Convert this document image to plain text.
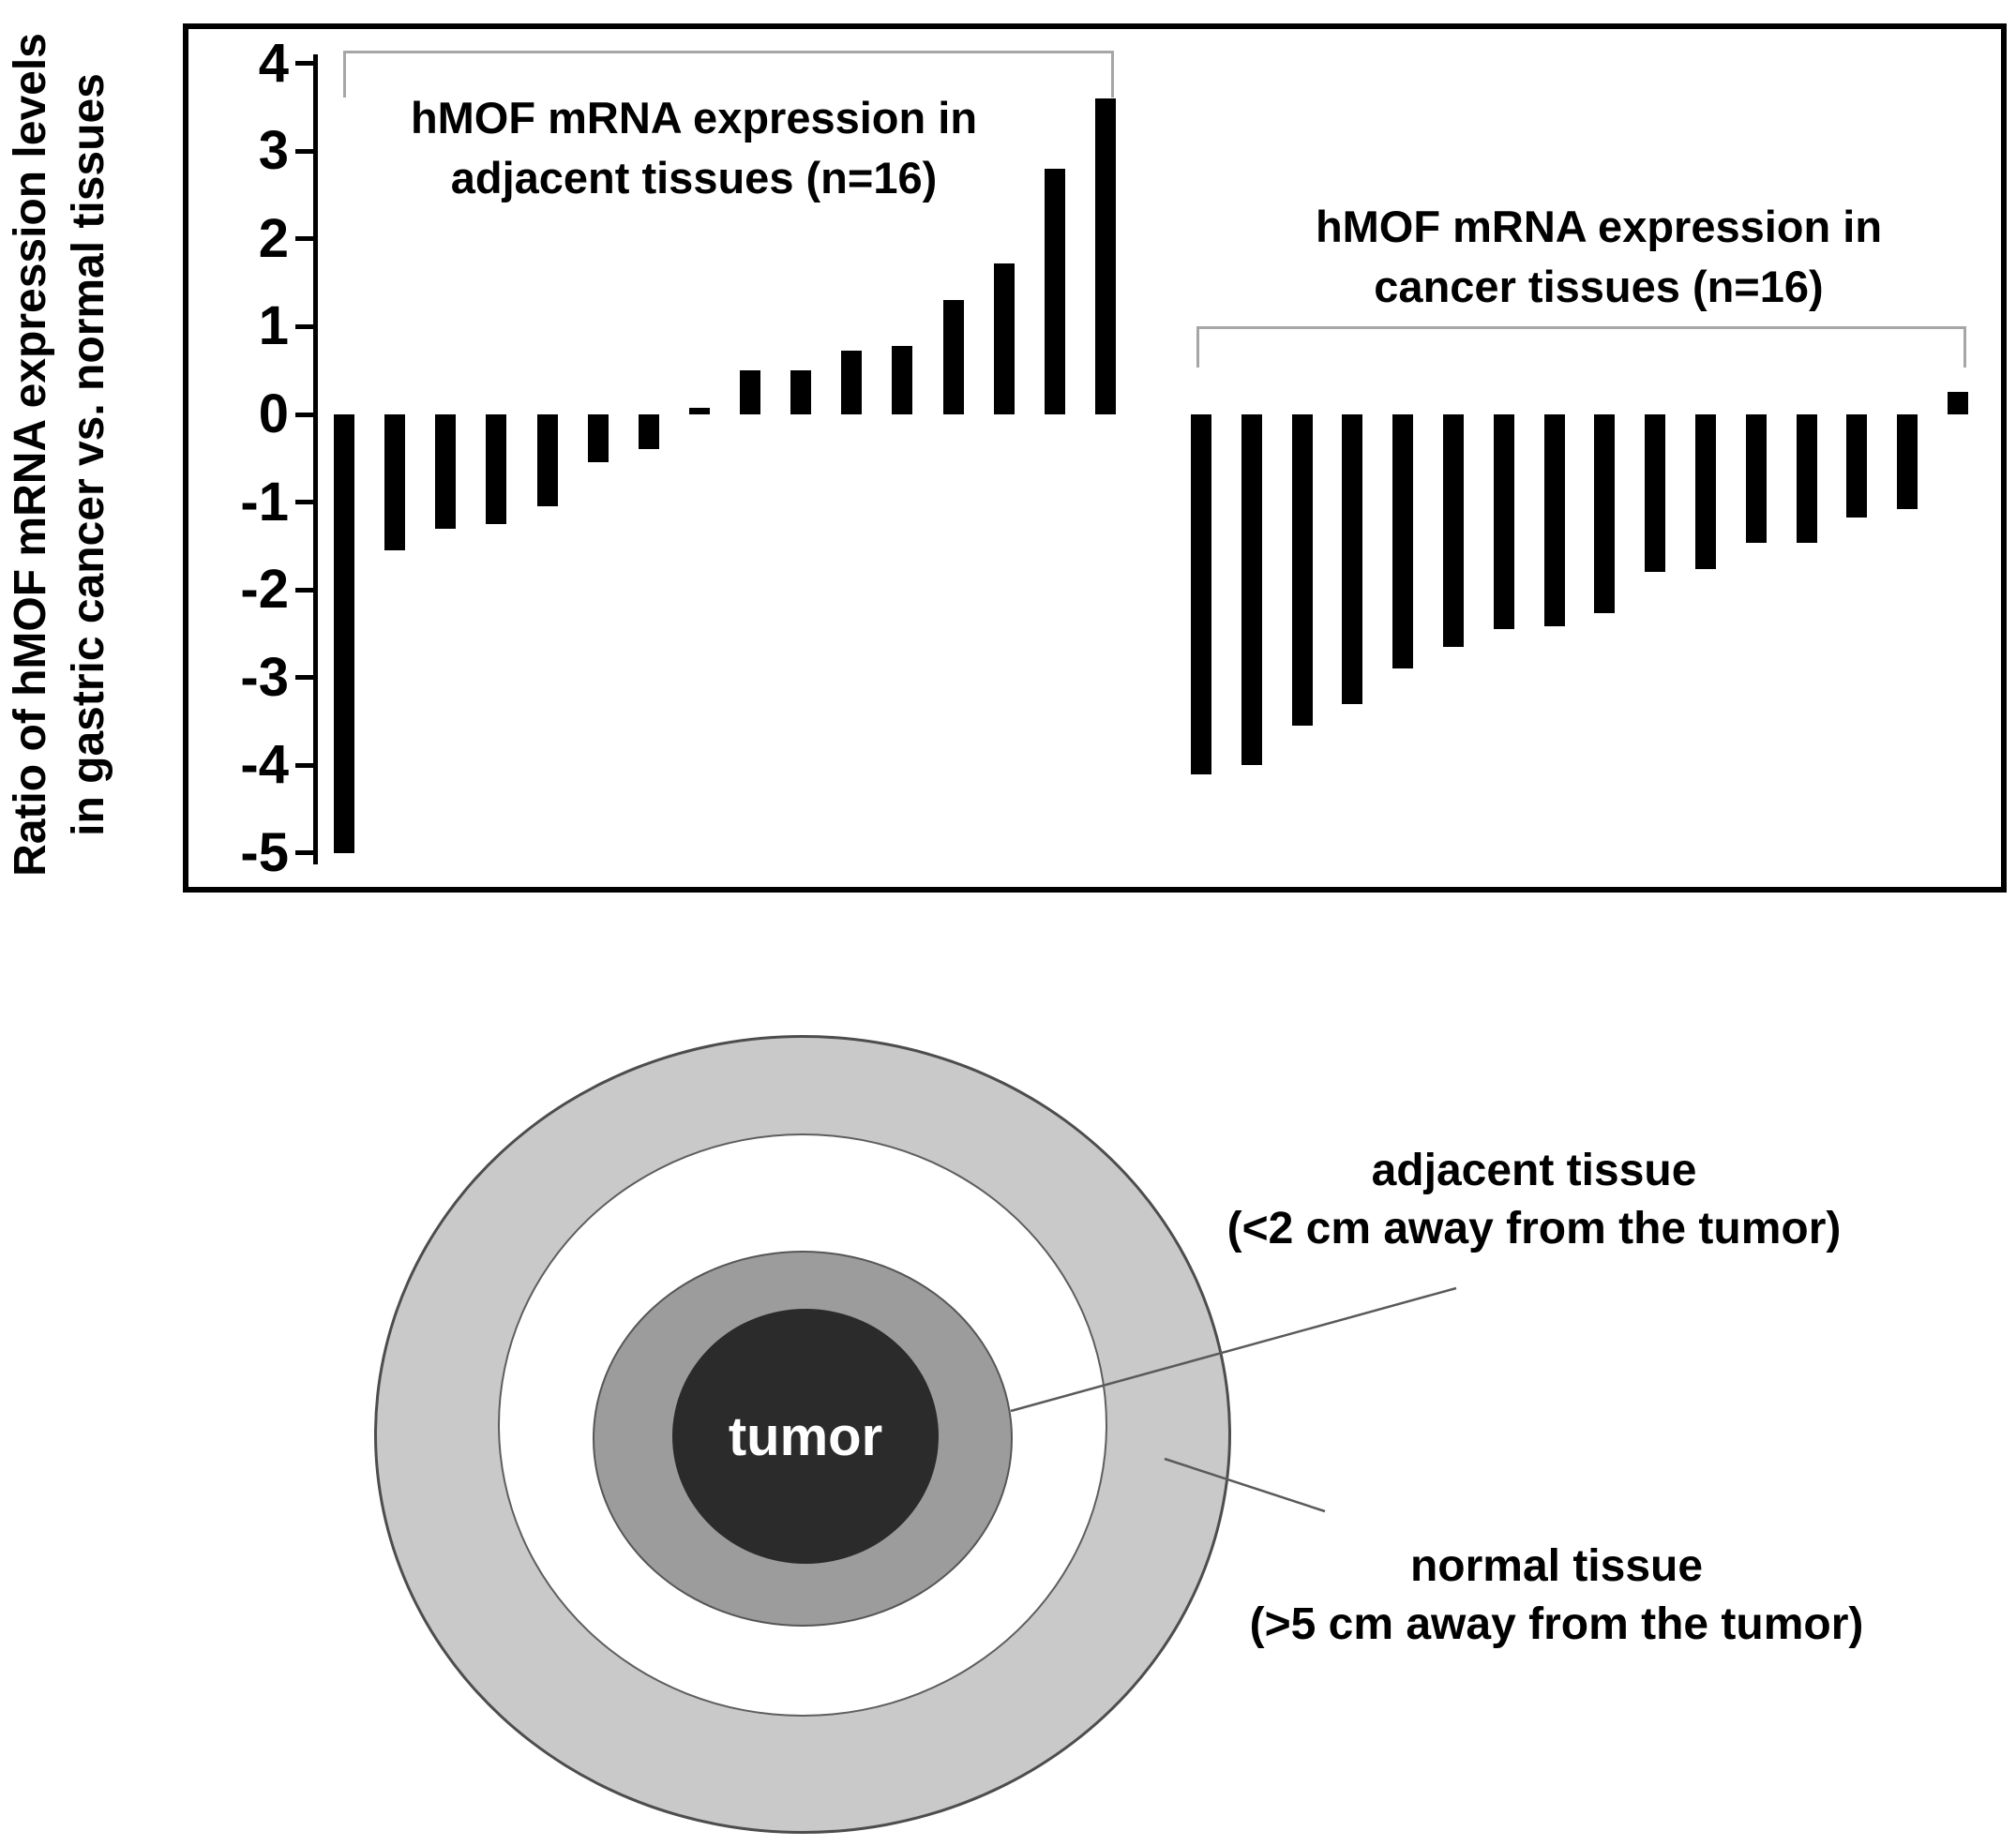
4
3
2
1
0
-1
-2
-3
-4
-5
Ratio of hMOF mRNA expression levels in gastric cancer vs. normal tissues	hMOF mRNA expression in
adjacent tissues (n=16)
hMOF mRNA expression in
cancer tissues (n=16)
tumor
adjacent tissue
(<2 cm away from the tumor)
normal tissue
(>5 cm away from the tumor)
